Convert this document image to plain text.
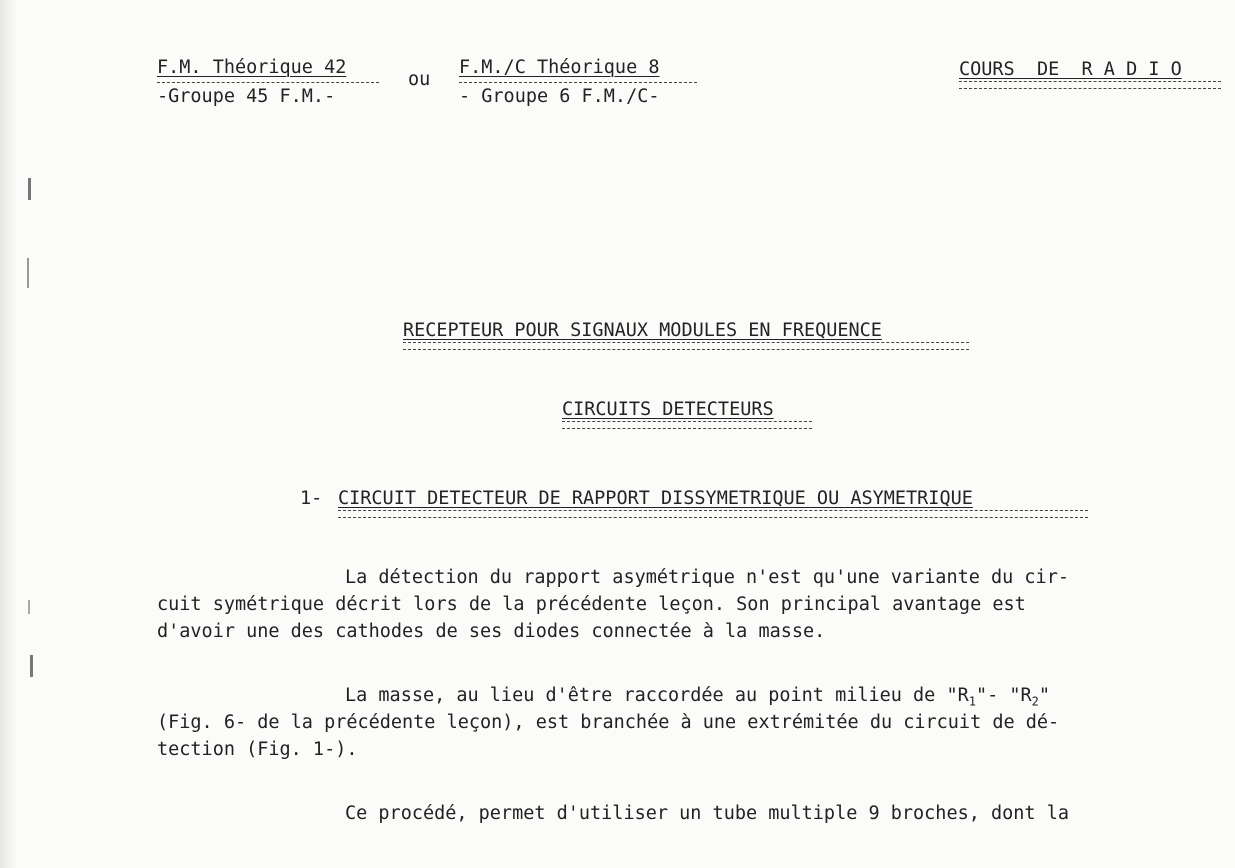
F.M. Théorique 42
-Groupe 45 F.M.-
ou
F.M./C Théorique 8
- Groupe 6 F.M./C-
COURS  DE  R A D I O
RECEPTEUR POUR SIGNAUX MODULES EN FREQUENCE
CIRCUITS DETECTEURS
1- CIRCUIT DETECTEUR DE RAPPORT DISSYMETRIQUE OU ASYMETRIQUE
La détection du rapport asymétrique n'est qu'une variante du cir-
cuit symétrique décrit lors de la précédente leçon. Son principal avantage est
d'avoir une des cathodes de ses diodes connectée à la masse.
La masse, au lieu d'être raccordée au point milieu de "$R_1"-$ "$R_2$"
(Fig. 6- de la précédente leçon), est branchée à une extrémitée du circuit de dé-
tection (Fig. 1-).
Ce procédé, permet d'utiliser un tube multiple 9 broches, dont la
